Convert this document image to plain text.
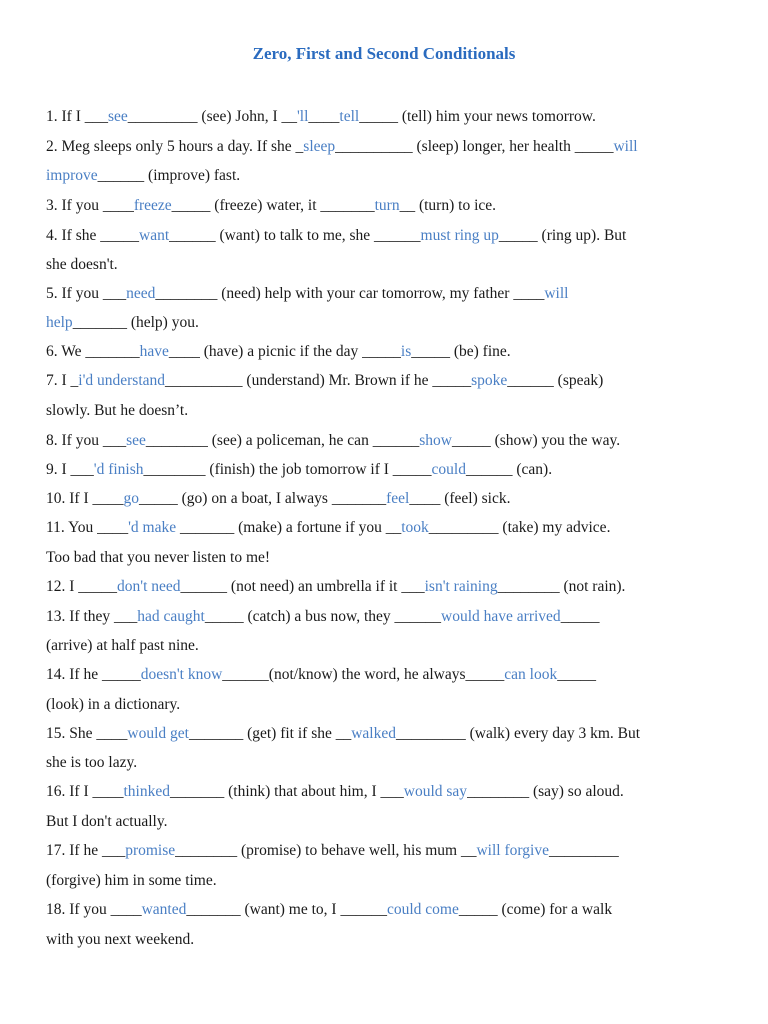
Zero, First and Second Conditionals
1. If I ___see_________ (see) John, I __'ll____tell_____ (tell) him your news tomorrow.
2. Meg sleeps only 5 hours a day. If she _sleep__________ (sleep) longer, her health _____will
improve______ (improve) fast.
3. If you ____freeze_____ (freeze) water, it _______turn__ (turn) to ice.
4. If she _____want______ (want) to talk to me, she ______must ring up_____ (ring up). But
she doesn't.
5. If you ___need________ (need) help with your car tomorrow, my father ____will
help_______ (help) you.
6. We _______have____ (have) a picnic if the day _____is_____ (be) fine.
7. I _i'd understand__________ (understand) Mr. Brown if he _____spoke______ (speak)
slowly. But he doesn’t.
8. If you ___see________ (see) a policeman, he can ______show_____ (show) you the way.
9. I ___'d finish________ (finish) the job tomorrow if I _____could______ (can).
10. If I ____go_____ (go) on a boat, I always _______feel____ (feel) sick.
11. You ____'d make _______ (make) a fortune if you __took_________ (take) my advice.
Too bad that you never listen to me!
12. I _____don't need______ (not need) an umbrella if it ___isn't raining________ (not rain).
13. If they ___had caught_____ (catch) a bus now, they ______would have arrived_____
(arrive) at half past nine.
14. If he _____doesn't know______(not/know) the word, he always_____can look_____
(look) in a dictionary.
15. She ____would get_______ (get) fit if she __walked_________ (walk) every day 3 km. But
she is too lazy.
16. If I ____thinked_______ (think) that about him, I ___would say________ (say) so aloud.
But I don't actually.
17. If he ___promise________ (promise) to behave well, his mum __will forgive_________
(forgive) him in some time.
18. If you ____wanted_______ (want) me to, I ______could come_____ (come) for a walk
with you next weekend.
